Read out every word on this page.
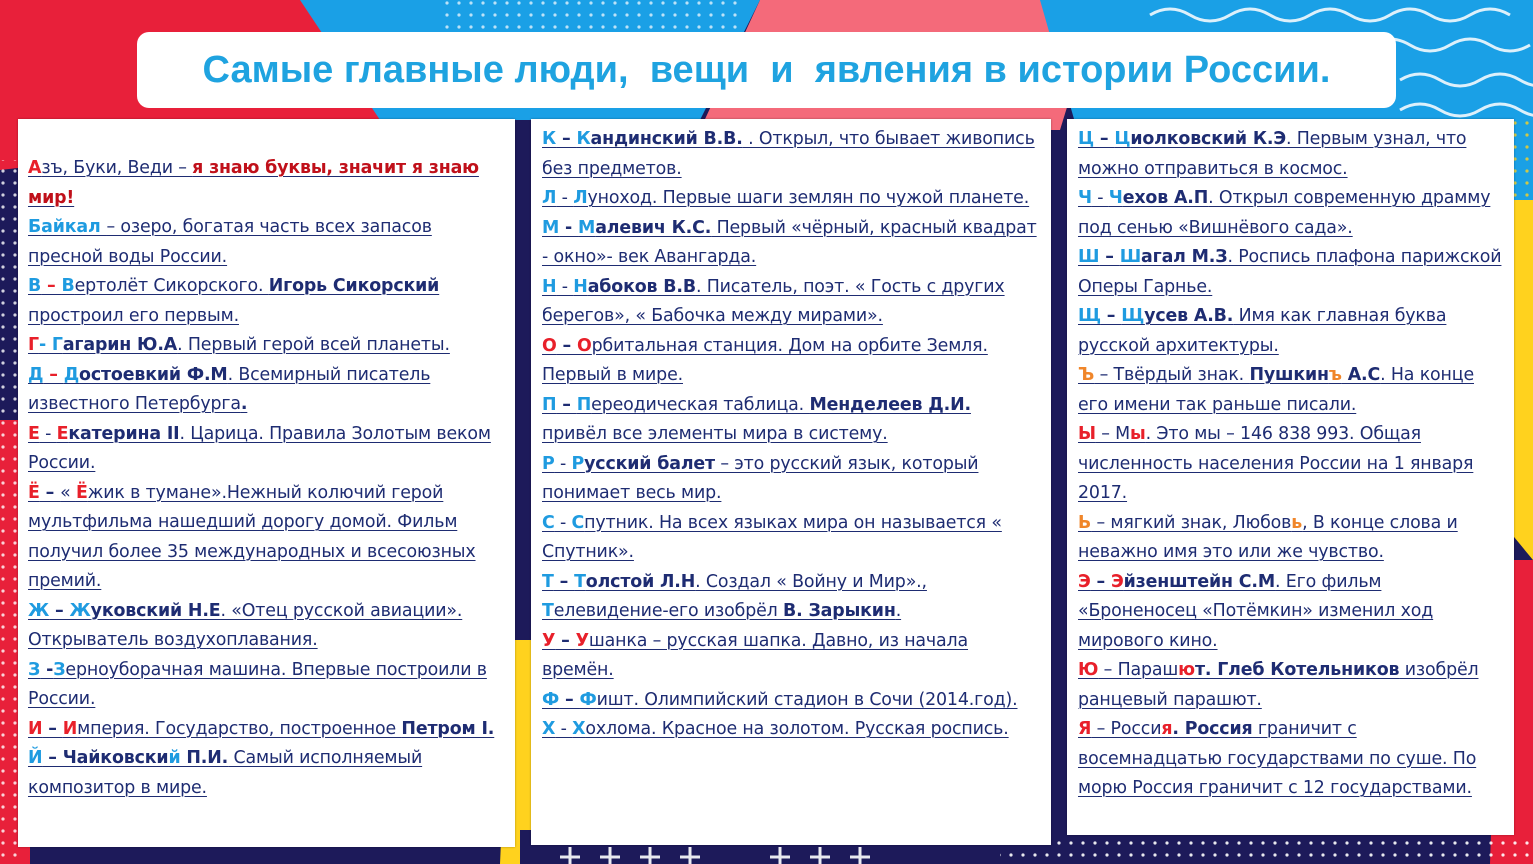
Самые главные люди,  вещи  и  явления в истории России.
Азъ, Буки, Веди – я знаю буквы, значит я знаю мир!
Байкал – озеро, богатая часть всех запасов пресной воды России.
В – Вертолёт Сикорского. Игорь Сикорский простроил его первым.
Г- Гагарин Ю.А. Первый герой всей планеты.
Д – Достоевкий Ф.М. Всемирный писатель известного Петербурга.
Е - Екатерина II. Царица. Правила Золотым веком России.
Ё – « Ёжик в тумане».Нежный колючий герой мультфильма нашедший дорогу домой. Фильм получил более 35 международных и всесоюзных премий.
Ж – Жуковский Н.Е. «Отец русской авиации». Открыватель воздухоплавания.
З -Зерноуборачная машина. Впервые построили в России.
И – Империя. Государство, построенное Петром I.
Й – Чайковский П.И. Самый исполняемый композитор в мире.
К – Кандинский В.В. . Открыл, что бывает живопись без предметов.
Л - Луноход. Первые шаги землян по чужой планете.
М - Малевич К.С. Первый «чёрный, красный квадрат - окно»- век Авангарда.
Н - Набоков В.В. Писатель, поэт. « Гость с других берегов», « Бабочка между мирами».
О – Орбитальная станция. Дом на орбите Земля. Первый в мире.
П – Переодическая таблица. Менделеев Д.И. привёл все элементы мира в систему.
Р - Русский балет – это русский язык, который понимает весь мир.
С - Спутник. На всех языках мира он называется « Спутник».
Т – Толстой Л.Н. Создал « Войну и Мир»., Телевидение-его изобрёл В. Зарыкин.
У – Ушанка – русская шапка. Давно, из начала времён.
Ф – Фишт. Олимпийский стадион в Сочи (2014.год).
Х - Хохлома. Красное на золотом. Русская роспись.
Ц – Циолковский К.Э. Первым узнал, что можно отправиться в космос.
Ч - Чехов А.П. Открыл современную драмму под сенью «Вишнёвого сада».
Ш – Шагал М.З. Роспись плафона парижской Оперы Гарнье.
Щ – Щусев А.В. Имя как главная буква русской архитектуры.
Ъ – Твёрдый знак. Пушкинъ А.С. На конце его имени так раньше писали.
Ы – Мы. Это мы – 146 838 993. Общая численность населения России на 1 января 2017.
Ь – мягкий знак, Любовь, В конце слова и неважно имя это или же чувство.
Э – Эйзенштейн С.М. Его фильм «Броненосец «Потёмкин» изменил ход мирового кино.
Ю – Парашют. Глеб Котельников изобрёл ранцевый парашют.
Я – Россия. Россия граничит с восемнадцатью государствами по суше. По морю Россия граничит с 12 государствами.
